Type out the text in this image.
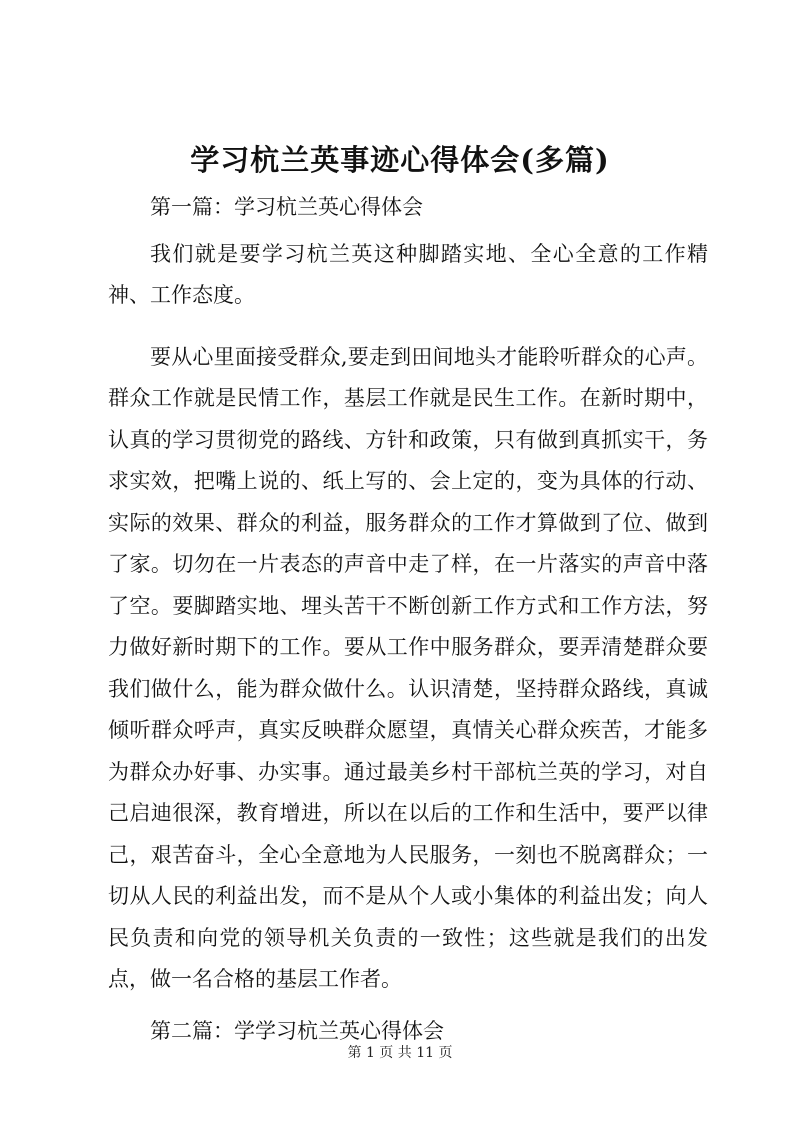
学习杭兰英事迹心得体会(多篇)

第一篇：学习杭兰英心得体会

我们就是要学习杭兰英这种脚踏实地、全心全意的工作精神、工作态度。

要从心里面接受群众,要走到田间地头才能聆听群众的心声。群众工作就是民情工作，基层工作就是民生工作。在新时期中，认真的学习贯彻党的路线、方针和政策，只有做到真抓实干，务求实效，把嘴上说的、纸上写的、会上定的，变为具体的行动、实际的效果、群众的利益，服务群众的工作才算做到了位、做到了家。切勿在一片表态的声音中走了样，在一片落实的声音中落了空。要脚踏实地、埋头苦干不断创新工作方式和工作方法，努力做好新时期下的工作。要从工作中服务群众，要弄清楚群众要我们做什么，能为群众做什么。认识清楚，坚持群众路线，真诚倾听群众呼声，真实反映群众愿望，真情关心群众疾苦，才能多为群众办好事、办实事。通过最美乡村干部杭兰英的学习，对自己启迪很深，教育增进，所以在以后的工作和生活中，要严以律己，艰苦奋斗，全心全意地为人民服务，一刻也不脱离群众；一切从人民的利益出发，而不是从个人或小集体的利益出发；向人民负责和向党的领导机关负责的一致性；这些就是我们的出发点，做一名合格的基层工作者。

第二篇：学学习杭兰英心得体会

第 1 页 共 11 页
